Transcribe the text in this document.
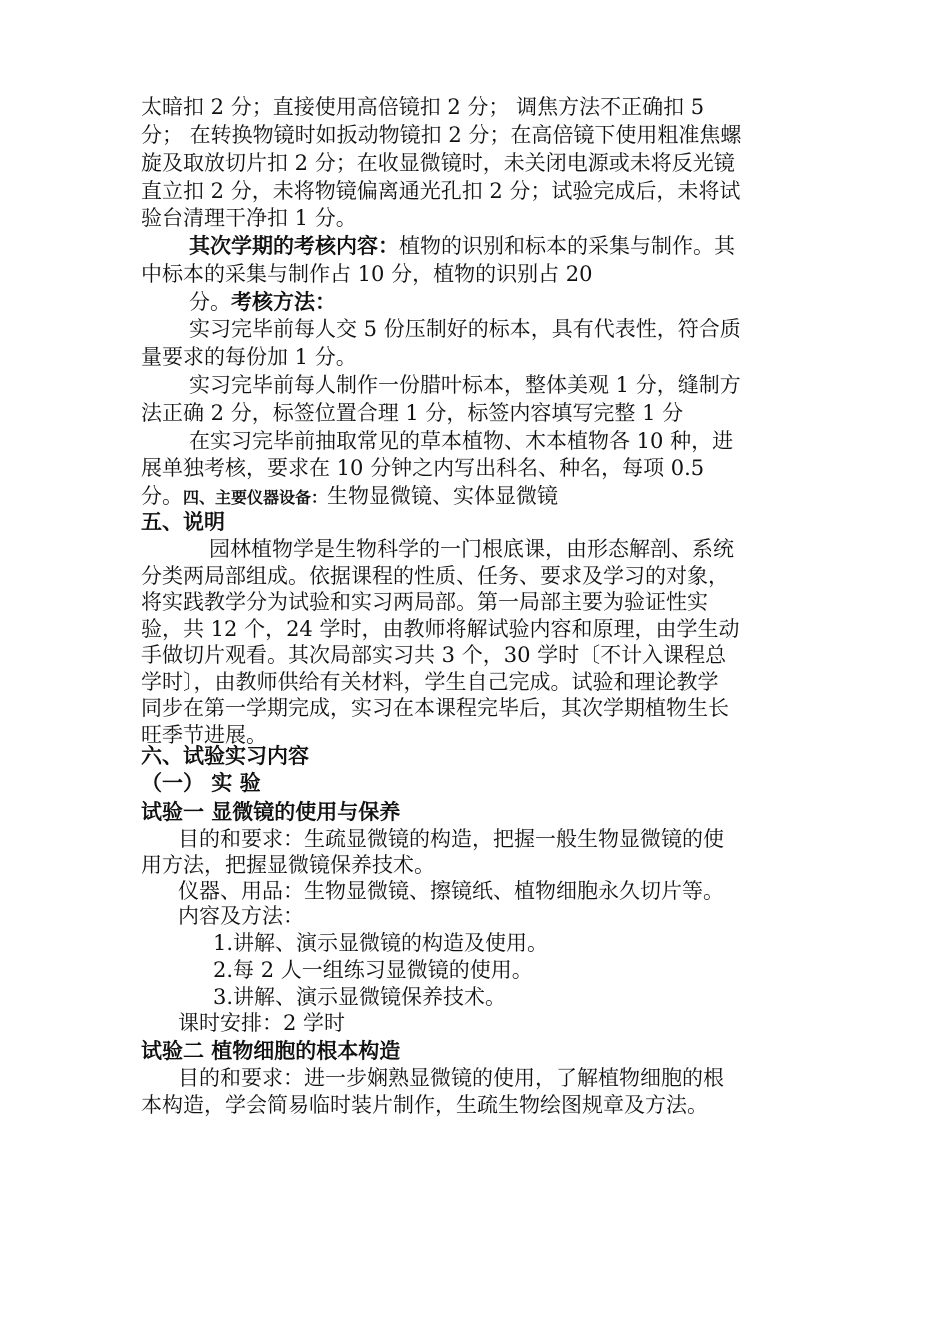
太暗扣 2 分；直接使用高倍镜扣 2 分； 调焦方法不正确扣 5
分； 在转换物镜时如扳动物镜扣 2 分；在高倍镜下使用粗准焦螺
旋及取放切片扣 2 分；在收显微镜时，未关闭电源或未将反光镜
直立扣 2 分，未将物镜偏离通光孔扣 2 分；试验完成后，未将试
验台清理干净扣 1 分。
其次学期的考核内容：植物的识别和标本的采集与制作。其
中标本的采集与制作占 10 分，植物的识别占 20
分。考核方法：
实习完毕前每人交 5 份压制好的标本，具有代表性，符合质
量要求的每份加 1 分。
实习完毕前每人制作一份腊叶标本，整体美观 1 分，缝制方
法正确 2 分，标签位置合理 1 分，标签内容填写完整 1 分
在实习完毕前抽取常见的草本植物、木本植物各 10 种，进
展单独考核，要求在 10 分钟之内写出科名、种名，每项 0.5
分。四、主要仪器设备：生物显微镜、实体显微镜
五、说明
园林植物学是生物科学的一门根底课，由形态解剖、系统
分类两局部组成。依据课程的性质、任务、要求及学习的对象，
将实践教学分为试验和实习两局部。第一局部主要为验证性实
验，共 12 个，24 学时，由教师将解试验内容和原理，由学生动
手做切片观看。其次局部实习共 3 个，30 学时〔不计入课程总
学时〕，由教师供给有关材料，学生自己完成。试验和理论教学
同步在第一学期完成，实习在本课程完毕后，其次学期植物生长
旺季节进展。
六、试验实习内容
（一） 实 验
试验一 显微镜的使用与保养
目的和要求：生疏显微镜的构造，把握一般生物显微镜的使
用方法，把握显微镜保养技术。
仪器、用品：生物显微镜、擦镜纸、植物细胞永久切片等。
内容及方法：
1.讲解、演示显微镜的构造及使用。
2.每 2 人一组练习显微镜的使用。
3.讲解、演示显微镜保养技术。
课时安排：2 学时
试验二 植物细胞的根本构造
目的和要求：进一步娴熟显微镜的使用，了解植物细胞的根
本构造，学会简易临时装片制作，生疏生物绘图规章及方法。
